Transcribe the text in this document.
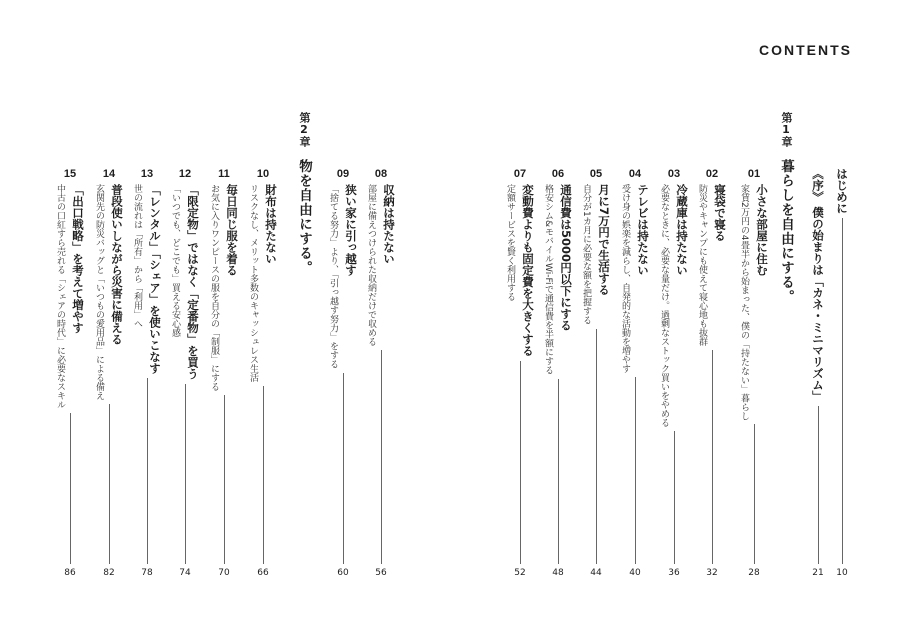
CONTENTS
はじめに
10
《序》 僕の始まりは「カネ・ミニマリズム」
21
第
1
章
暮らしを自由にする。
第
2
章
物を自由にする。	01
小さな部屋に住む
家賃2万円の4畳半から始まった、僕の「持たない」暮らし
28
02
寝袋で寝る
防災やキャンプにも使えて寝心地も抜群
32
03
冷蔵庫は持たない
必要なときに、必要な量だけ。過剰なストック買いをやめる
36
04
テレビは持たない
受け身の娯楽を減らし、自発的な活動を増やす
40
05
月に7万円で生活する
自分が1カ月に必要な額を把握する
44
06
通信費は5000円以下にする
格安シム&モバイルWi-Fiで通信費を半額にする
48
07
変動費よりも固定費を大きくする
定額サービスを賢く利用する
52
08
収納は持たない
部屋に備えつけられた収納だけで収める
56
09
狭い家に引っ越す
「捨てる努力」より、「引っ越す努力」をする
60
10
財布は持たない
リスクなし、メリット多数のキャッシュレス生活
66
11
毎日同じ服を着る
お気に入りワンピースの服を自分の「制服」にする
70
12
「限定物」ではなく「定番物」を買う
「いつでも、どこでも」買える安心感
74
13
「レンタル」「シェア」を使いこなす
世の流れは「所有」から「利用」へ
78
14
普段使いしながら災害に備える
玄関先の防災バッグと「いつもの愛用品」による備え
82
15
「出口戦略」を考えて増やす
中古の口紅すら売れる「シェアの時代」に必要なスキル
86
